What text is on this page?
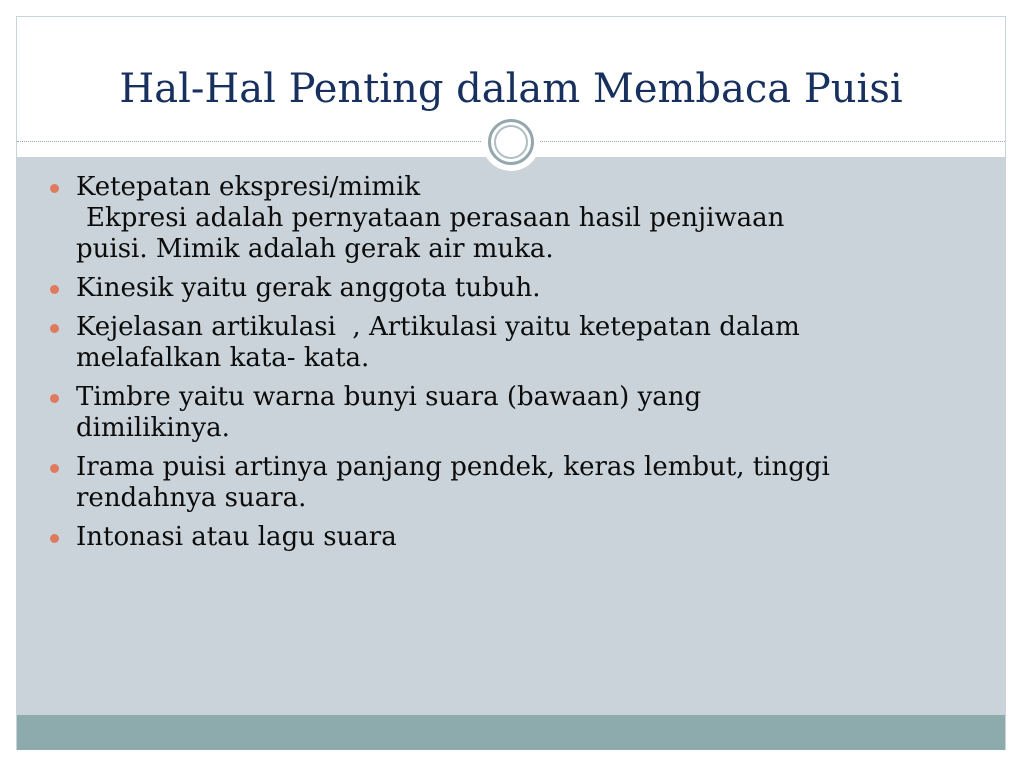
Hal-Hal Penting dalam Membaca Puisi
Ketepatan ekspresi/mimik
Ekpresi adalah pernyataan perasaan hasil penjiwaan
puisi. Mimik adalah gerak air muka.
Kinesik yaitu gerak anggota tubuh.
Kejelasan artikulasi  , Artikulasi yaitu ketepatan dalam
melafalkan kata- kata.
Timbre yaitu warna bunyi suara (bawaan) yang
dimilikinya.
Irama puisi artinya panjang pendek, keras lembut, tinggi
rendahnya suara.
Intonasi atau lagu suara
